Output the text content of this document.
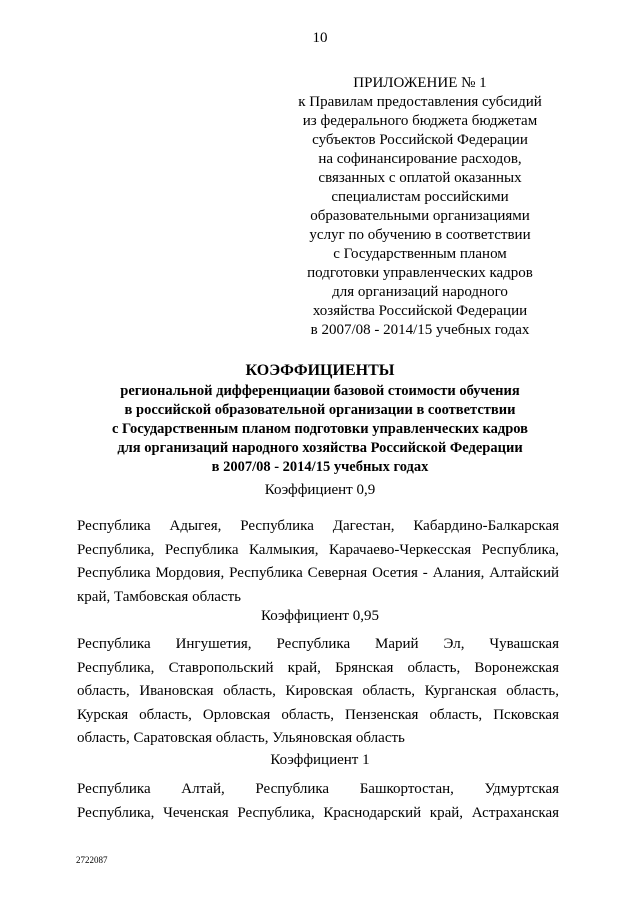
10
ПРИЛОЖЕНИЕ № 1
к Правилам предоставления субсидий
из федерального бюджета бюджетам
субъектов Российской Федерации
на софинансирование расходов,
связанных с оплатой оказанных
специалистам российскими
образовательными организациями
услуг по обучению в соответствии
с Государственным планом
подготовки управленческих кадров
для организаций народного
хозяйства Российской Федерации
в 2007/08 - 2014/15 учебных годах
КОЭФФИЦИЕНТЫ
региональной дифференциации базовой стоимости обучения
в российской образовательной организации в соответствии
с Государственным планом подготовки управленческих кадров
для организаций народного хозяйства Российской Федерации
в 2007/08 - 2014/15 учебных годах
Коэффициент 0,9
Республика Адыгея, Республика Дагестан, Кабардино-Балкарская
Республика, Республика Калмыкия, Карачаево-Черкесская Республика,
Республика Мордовия, Республика Северная Осетия - Алания, Алтайский
край, Тамбовская область
Коэффициент 0,95
Республика Ингушетия, Республика Марий Эл, Чувашская
Республика, Ставропольский край, Брянская область, Воронежская
область, Ивановская область, Кировская область, Курганская область,
Курская область, Орловская область, Пензенская область, Псковская
область, Саратовская область, Ульяновская область
Коэффициент 1
Республика Алтай, Республика Башкортостан, Удмуртская
Республика, Чеченская Республика, Краснодарский край, Астраханская
2722087
